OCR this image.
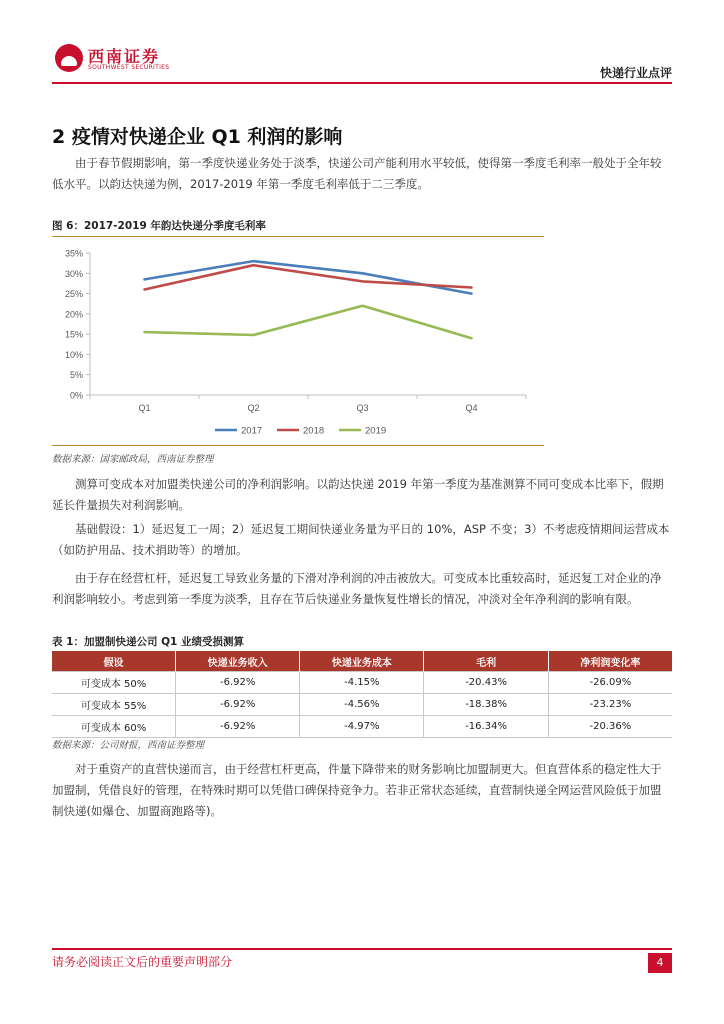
西南证券
SOUTHWEST SECURITIES	快递行业点评
2 疫情对快递企业 Q1 利润的影响
由于春节假期影响，第一季度快递业务处于淡季，快递公司产能利用水平较低，使得第一季度毛利率一般处于全年较低水平。以韵达快递为例，2017-2019 年第一季度毛利率低于二三季度。
图 6：2017-2019 年韵达快递分季度毛利率
0%
5%
10%
15%
20%
25%
30%
35%
Q1	Q2	Q3	Q4
2017	2018	2019
数据来源：国家邮政局，西南证券整理
测算可变成本对加盟类快递公司的净利润影响。以韵达快递 2019 年第一季度为基准测算不同可变成本比率下，假期延长件量损失对利润影响。
基础假设：1）延迟复工一周；2）延迟复工期间快递业务量为平日的 10%，ASP 不变；3）不考虑疫情期间运营成本（如防护用品、技术捐助等）的增加。
由于存在经营杠杆，延迟复工导致业务量的下滑对净利润的冲击被放大。可变成本比重较高时，延迟复工对企业的净利润影响较小。考虑到第一季度为淡季，且存在节后快递业务量恢复性增长的情况，冲淡对全年净利润的影响有限。
表 1：加盟制快递公司 Q1 业绩受损测算
假设	快递业务收入	快递业务成本	毛利	净利润变化率
可变成本 50%	-6.92%	-4.15%	-20.43%	-26.09%
可变成本 55%	-6.92%	-4.56%	-18.38%	-23.23%
可变成本 60%	-6.92%	-4.97%	-16.34%	-20.36%
数据来源：公司财报，西南证券整理
对于重资产的直营快递而言，由于经营杠杆更高，件量下降带来的财务影响比加盟制更大。但直营体系的稳定性大于加盟制，凭借良好的管理，在特殊时期可以凭借口碑保持竞争力。若非正常状态延续，直营制快递全网运营风险低于加盟制快递(如爆仓、加盟商跑路等)。
请务必阅读正文后的重要声明部分	4
